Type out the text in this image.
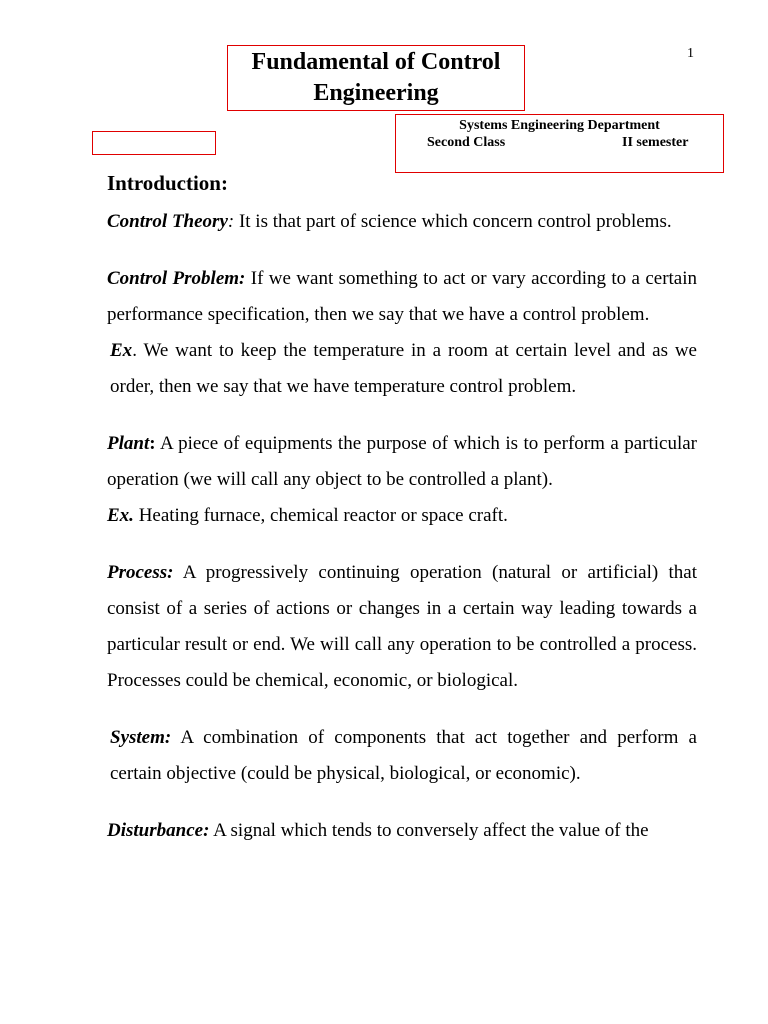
1
Fundamental of Control
Engineering
Systems Engineering Department
Second Class	II semester
Introduction:

Control Theory: It is that part of science which concern control problems.

Control Problem: If we want something to act or vary according to a certain performance specification, then we say that we have a control problem.

Ex. We want to keep the temperature in a room at certain level and as we order, then we say that we have temperature control problem.

Plant: A piece of equipments the purpose of which is to perform a particular operation (we will call any object to be controlled a plant).

Ex. Heating furnace, chemical reactor or space craft.

Process: A progressively continuing operation (natural or artificial) that consist of a series of actions or changes in a certain way leading towards a particular result or end. We will call any operation to be controlled a process. Processes could be chemical, economic, or biological.

System: A combination of components that act together and perform a certain objective (could be physical, biological, or economic).

Disturbance: A signal which tends to conversely affect the value of the
